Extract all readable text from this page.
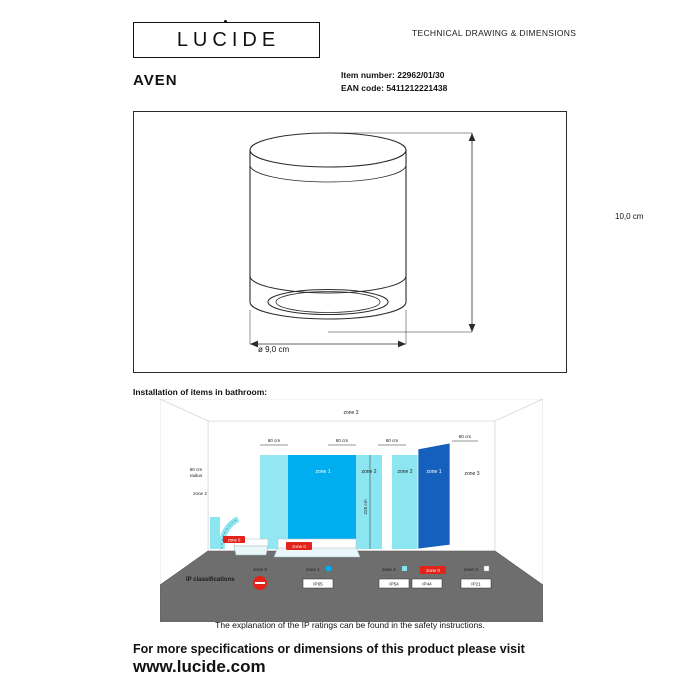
LUCIDE	TECHNICAL DRAWING & DIMENSIONS
AVEN	Item number: 22962/01/30
EAN code: 5411212221438
10,0 cm
ø 9,0 cm
Installation of items in bathroom:
zone 0
zone 0
zone 0
zone 1	zone 2	zone 2	zone 1	zone 3
zone 3
zone 2
60 cm	60 cm	60 cm
60 cm
60 cm
radius
225 cm
IP classifications
zone 0	zone 1
minimum
IP65
zone 2
minimum
IP54	IP44
zone 3
minimum
IP21
The explanation of the IP ratings can be found in the safety instructions.
For more specifications or dimensions of this product please visit
www.lucide.com
